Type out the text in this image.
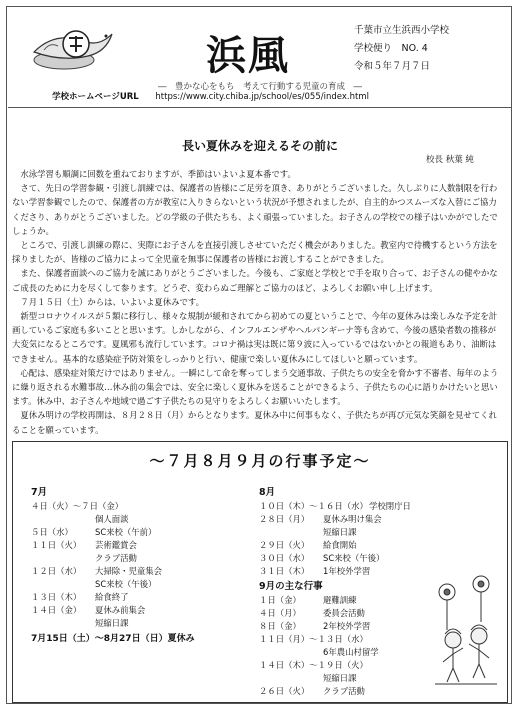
浜風
千葉市立生浜西小学校
学校便り　NO. 4
令和５年７月７日
―　豊かな心をもち　考えて行動する児童の育成　―
学校ホームページURL https://www.city.chiba.jp/school/es/055/index.html
長い夏休みを迎えるその前に
校長 秋葉 純

水泳学習も順調に回数を重ねておりますが、季節はいよいよ夏本番です。

さて、先日の学習参観・引渡し訓練では、保護者の皆様にご足労を頂き、ありがとうございました。久しぶりに人数制限を行わない学習参観でしたので、保護者の方が教室に入りきらないという状況が予想されましたが、自主的かつスムーズな入替にご協力くださり、ありがとうございました。どの学級の子供たちも、よく頑張っていました。お子さんの学校での様子はいかがでしたでしょうか。

ところで、引渡し訓練の際に、実際にお子さんを直接引渡しさせていただく機会がありました。教室内で待機するという方法を採りましたが、皆様のご協力によって全児童を無事に保護者の皆様にお渡しすることができました。

また、保護者面談へのご協力を誠にありがとうございました。今後も、ご家庭と学校とで手を取り合って、お子さんの健やかなご成長のために力を尽くして参ります。どうぞ、変わらぬご理解とご協力のほど、よろしくお願い申し上げます。

７月１５日（土）からは、いよいよ夏休みです。

新型コロナウイルスが５類に移行し、様々な規制が緩和されてから初めての夏ということで、今年の夏休みは楽しみな予定を計画しているご家庭も多いことと思います。しかしながら、インフルエンザやヘルパンギーナ等も含めて、今後の感染者数の推移が大変気になるところです。夏風邪も流行しています。コロナ禍は実は既に第９波に入っているではないかとの報道もあり、油断はできません。基本的な感染症予防対策をしっかりと行い、健康で楽しい夏休みにしてほしいと願っています。

心配は、感染症対策だけではありません。一瞬にして命を奪ってしまう交通事故、子供たちの安全を脅かす不審者、毎年のように繰り返される水難事故…休み前の集会では、安全に楽しく夏休みを送ることができるよう、子供たちの心に語りかけたいと思います。休み中、お子さんや地域で過ごす子供たちの見守りをよろしくお願いいたします。

夏休み明けの学校再開は、８月２８日（月）からとなります。夏休み中に何事もなく、子供たちが再び元気な笑顔を見せてくれることを願っています。

～７月８月９月の行事予定～
7月
４日（火）～７日（金）
個人面談
５日（水）	SC来校（午前）
１１日（火）	芸術鑑賞会
クラブ活動
１２日（水）	大掃除・児童集会
SC来校（午後）
１３日（木）	給食終了
１４日（金）	夏休み前集会
短縮日課
7月15日（土）～8月27日（日）夏休み
8月
１０日（木）～１６日（水） 学校閉庁日
２８日（月）	夏休み明け集会
短縮日課
２９日（火）	給食開始
３０日（水）	SC来校（午後）
３１日（木）	1年校外学習
9月の主な行事
１日（金）	避難訓練
４日（月）	委員会活動
８日（金）	2年校外学習
１１日（月）～１３日（水）
6年農山村留学
１４日（木）～１９日（火）
短縮日課
２６日（火）	クラブ活動
